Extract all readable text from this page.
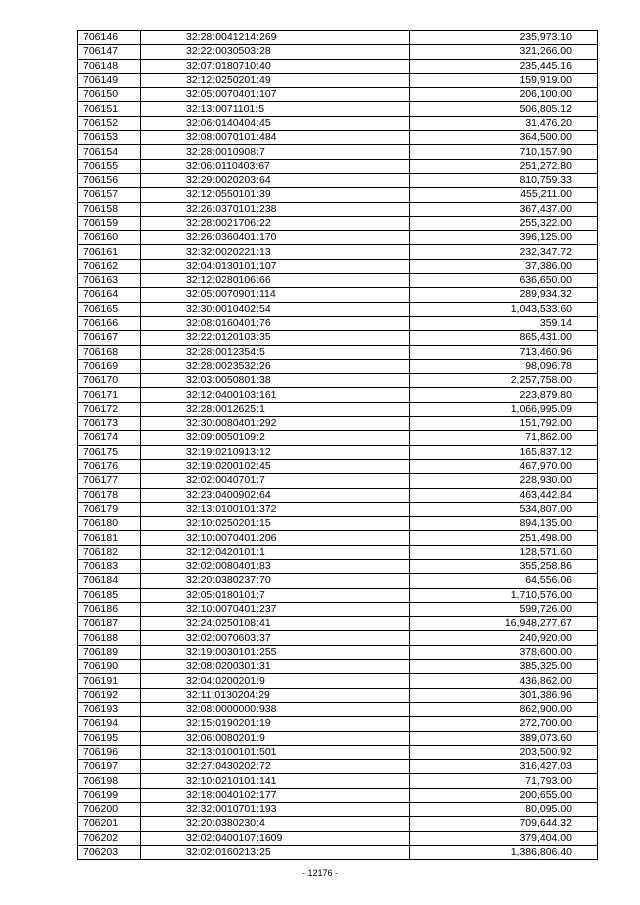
706146	32:28:0041214:269	235,973.10
706147	32:22:0030503:28	321,266.00
706148	32:07:0180710:40	235,445.16
706149	32:12:0250201:49	159,919.00
706150	32:05:0070401:107	206,100.00
706151	32:13:0071101:5	506,805.12
706152	32:06:0140404:45	31,476.20
706153	32:08:0070101:484	364,500.00
706154	32:28:0010908:7	710,157.90
706155	32:06:0110403:67	251,272.80
706156	32:29:0020203:64	810,759.33
706157	32:12:0550101:39	455,211.00
706158	32:26:0370101:238	367,437.00
706159	32:28:0021706:22	255,322.00
706160	32:26:0360401:170	396,125.00
706161	32:32:0020221:13	232,347.72
706162	32:04:0130101:107	37,386.00
706163	32:12:0280106:66	636,650.00
706164	32:05:0070901:114	289,934.32
706165	32:30:0010402:54	1,043,533.60
706166	32:08:0160401:76	359.14
706167	32:22:0120103:35	865,431.00
706168	32:28:0012354:5	713,460.96
706169	32:28:0023532:26	98,096.78
706170	32:03:0050801:38	2,257,758.00
706171	32:12:0400103:161	223,879.80
706172	32:28:0012625:1	1,066,995.09
706173	32:30:0080401:292	151,792.00
706174	32:09:0050109:2	71,862.00
706175	32:19:0210913:12	165,837.12
706176	32:19:0200102:45	467,970.00
706177	32:02:0040701:7	228,930.00
706178	32:23:0400902:64	463,442.84
706179	32:13:0100101:372	534,807.00
706180	32:10:0250201:15	894,135.00
706181	32:10:0070401:206	251,498.00
706182	32:12:0420101:1	128,571.60
706183	32:02:0080401:83	355,258.86
706184	32:20:0380237:70	64,556.06
706185	32:05:0180101:7	1,710,576.00
706186	32:10:0070401:237	599,726.00
706187	32:24:0250108:41	16,948,277.67
706188	32:02:0070603:37	240,920.00
706189	32:19:0030101:255	378,600.00
706190	32:08:0200301:31	385,325.00
706191	32:04:0200201:9	436,862.00
706192	32:11:0130204:29	301,386.96
706193	32:08:0000000:938	862,900.00
706194	32:15:0190201:19	272,700.00
706195	32:06:0080201:9	389,073.60
706196	32:13:0100101:501	203,500.92
706197	32:27:0430202:72	316,427.03
706198	32:10:0210101:141	71,793.00
706199	32:18:0040102:177	200,655.00
706200	32:32:0010701:193	80,095.00
706201	32:20:0380230:4	709,644.32
706202	32:02:0400107:1609	379,404.00
706203	32:02:0160213:25	1,386,806.40
- 12176 -
